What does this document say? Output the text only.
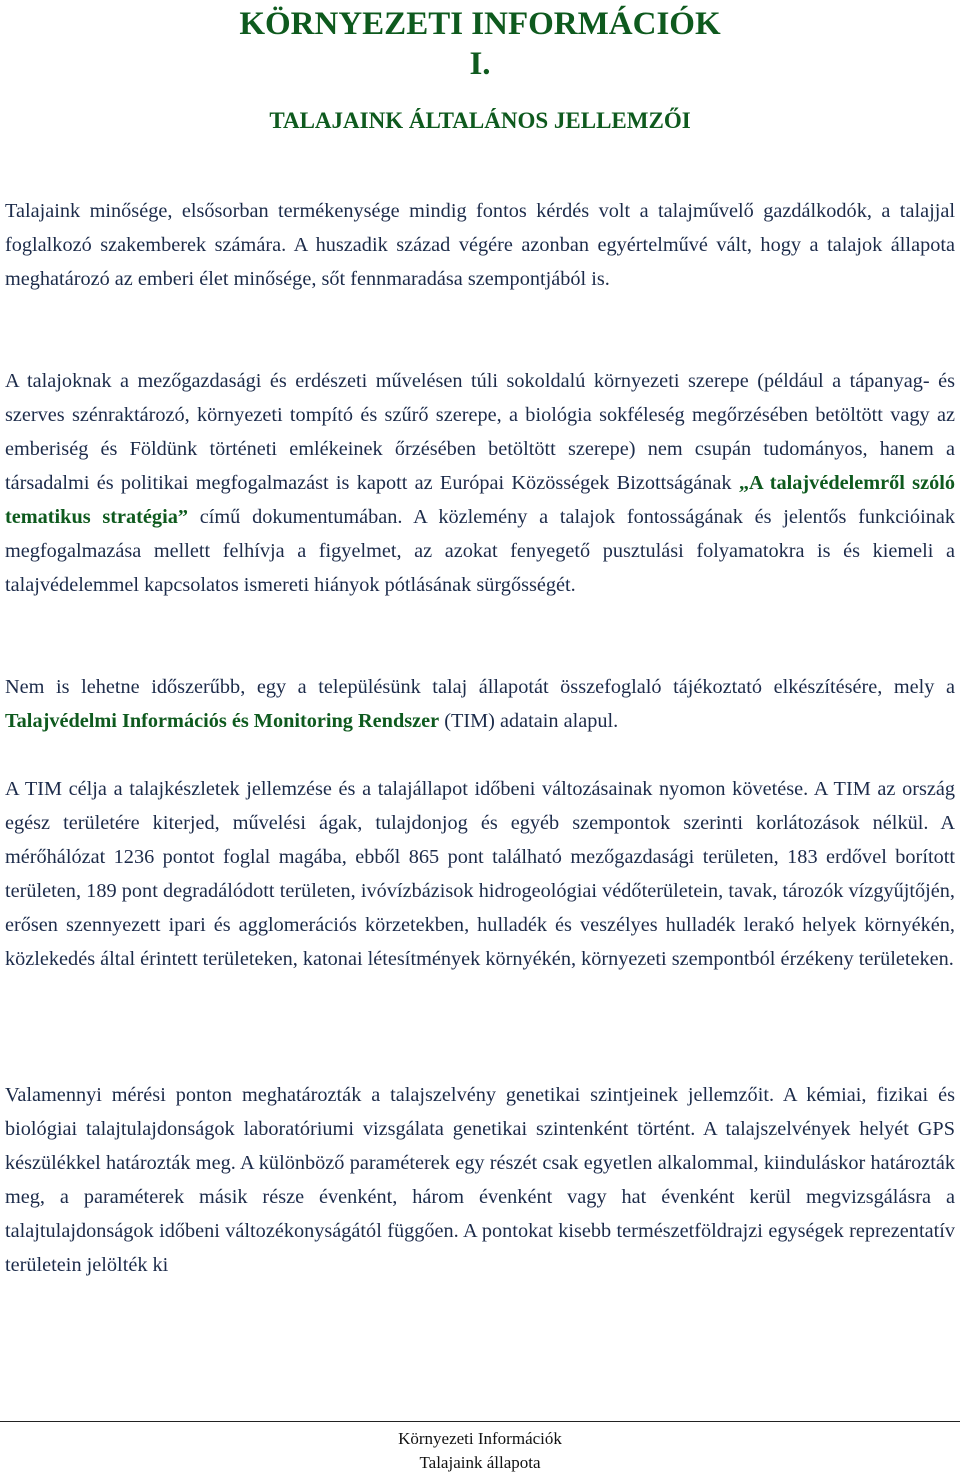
KÖRNYEZETI INFORMÁCIÓK
I.
TALAJAINK ÁLTALÁNOS JELLEMZŐI

Talajaink minősége, elsősorban termékenysége mindig fontos kérdés volt a talajművelő gazdálkodók, a talajjal foglalkozó szakemberek számára. A huszadik század végére azonban egyértelművé vált, hogy a talajok állapota meghatározó az emberi élet minősége, sőt fennmaradása szempontjából is.

A talajoknak a mezőgazdasági és erdészeti művelésen túli sokoldalú környezeti szerepe (például a tápanyag- és szerves szénraktározó, környezeti tompító és szűrő szerepe, a biológia sokféleség megőrzésében betöltött vagy az emberiség és Földünk történeti emlékeinek őrzésében betöltött szerepe) nem csupán tudományos, hanem a társadalmi és politikai megfogalmazást is kapott az Európai Közösségek Bizottságának „A talajvédelemről szóló tematikus stratégia” című dokumentumában. A közlemény a talajok fontosságának és jelentős funkcióinak megfogalmazása mellett felhívja a figyelmet, az azokat fenyegető pusztulási folyamatokra is és kiemeli a talajvédelemmel kapcsolatos ismereti hiányok pótlásának sürgősségét.

Nem is lehetne időszerűbb, egy a településünk talaj állapotát összefoglaló tájékoztató elkészítésére, mely a Talajvédelmi Információs és Monitoring Rendszer (TIM) adatain alapul.

A TIM célja a talajkészletek jellemzése és a talajállapot időbeni változásainak nyomon követése. A TIM az ország egész területére kiterjed, művelési ágak, tulajdonjog és egyéb szempontok szerinti korlátozások nélkül. A mérőhálózat 1236 pontot foglal magába, ebből 865 pont található mezőgazdasági területen, 183 erdővel borított területen, 189 pont degradálódott területen, ivóvízbázisok hidrogeológiai védőterületein, tavak, tározók vízgyűjtőjén, erősen szennyezett ipari és agglomerációs körzetekben, hulladék és veszélyes hulladék lerakó helyek környékén, közlekedés által érintett területeken, katonai létesítmények környékén, környezeti szempontból érzékeny területeken.

Valamennyi mérési ponton meghatározták a talajszelvény genetikai szintjeinek jellemzőit. A kémiai, fizikai és biológiai talajtulajdonságok laboratóriumi vizsgálata genetikai szintenként történt. A talajszelvények helyét GPS készülékkel határozták meg. A különböző paraméterek egy részét csak egyetlen alkalommal, kiinduláskor határozták meg, a paraméterek másik része évenként, három évenként vagy hat évenként kerül megvizsgálásra a talajtulajdonságok időbeni változékonyságától függően. A pontokat kisebb természetföldrajzi egységek reprezentatív területein jelölték ki

Környezeti Információk
Talajaink állapota
